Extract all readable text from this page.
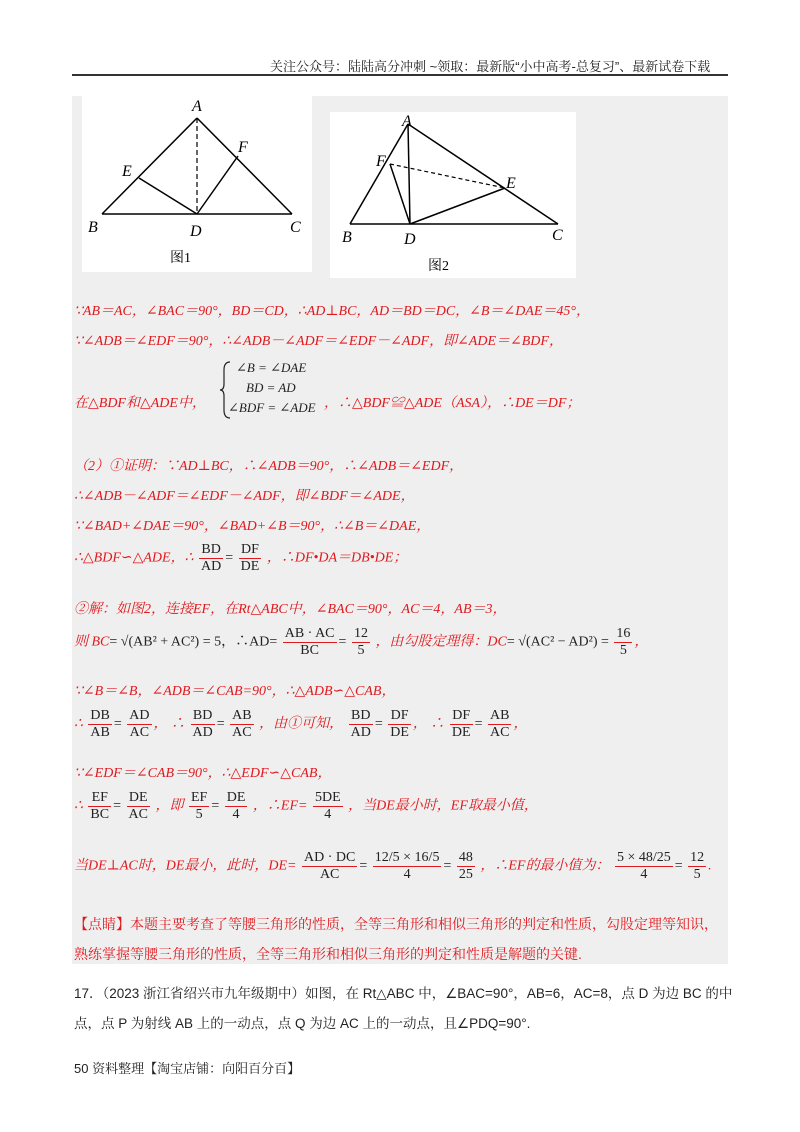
关注公众号：陆陆高分冲刺 ~领取：最新版“小中高考-总复习”、最新试卷下载
A
B	C
D
E
F
图1
A
B	C
D
E
F
图2
∵AB＝AC，∠BAC＝90°，BD＝CD，∴AD⊥BC，AD＝BD＝DC，∠B＝∠DAE＝45°，
∵∠ADB＝∠EDF＝90°，∴∠ADB－∠ADF＝∠EDF－∠ADF，即∠ADE＝∠BDF，
在△BDF和△ADE中，
∠B = ∠DAE
BD = AD
∠BDF = ∠ADE ，∴△BDF≌△ADE（ASA），∴DE＝DF；
（2）①证明：∵AD⊥BC，∴∠ADB＝90°，∴∠ADB＝∠EDF，
∴∠ADB－∠ADF＝∠EDF－∠ADF，即∠BDF＝∠ADE，
∵∠BAD+∠DAE＝90°，∠BAD+∠B＝90°，∴∠B＝∠DAE，
∴△BDF∽△ADE，∴ $\frac{BD}{AD} = \frac{DF}{DE}$ ，∴DF•DA＝DB•DE；
②解：如图2，连接EF，在Rt△ABC中，∠BAC＝90°，AC＝4，AB＝3，
则 BC= √(AB² + AC²) = 5，∴AD= $\frac{AB \cdot AC}{BC} = \frac{12}{5}$ ，由勾股定理得：$DC= √(AC^2 - AD^2) = \frac{16}{5}$ ，
∵∠B＝∠B，∠ADB＝∠CAB=90°，∴△ADB∽△CAB，
∴ $\frac{DB}{AB} = \frac{AD}{AC}$ ， ∴ $\frac{BD}{AD} = \frac{AB}{AC}$ ，由①可知， $\frac{BD}{AD} = \frac{DF}{DE}$ ， ∴ $\frac{DF}{DE} = \frac{AB}{AC}$ ，
∵∠EDF＝∠CAB＝90°，∴△EDF∽△CAB，
∴ $\frac{EF}{BC} = \frac{DE}{AC}$ ，即 $\frac{EF}{5} = \frac{DE}{4}$ ，∴EF= $\frac{5DE}{4}$ ，当DE最小时，EF取最小值，
当DE⊥AC时，DE最小，此时，$DE= \frac{AD \cdot DC}{AC} = \frac{12/5 \times 16/5}{4} = \frac{48}{25}$ ，∴EF的最小值为： $\frac{5 \times 48/25}{4} = \frac{12}{5}$ .
【点睛】本题主要考查了等腰三角形的性质，全等三角形和相似三角形的判定和性质，勾股定理等知识，
熟练掌握等腰三角形的性质，全等三角形和相似三角形的判定和性质是解题的关键.
17．（2023 浙江省绍兴市九年级期中）如图，在 Rt△ABC 中，∠BAC=90°，AB=6，AC=8，点 D 为边 BC 的中
点，点 P 为射线 AB 上的一动点，点 Q 为边 AC 上的一动点，且∠PDQ=90°.
50 资料整理【淘宝店铺：向阳百分百】
